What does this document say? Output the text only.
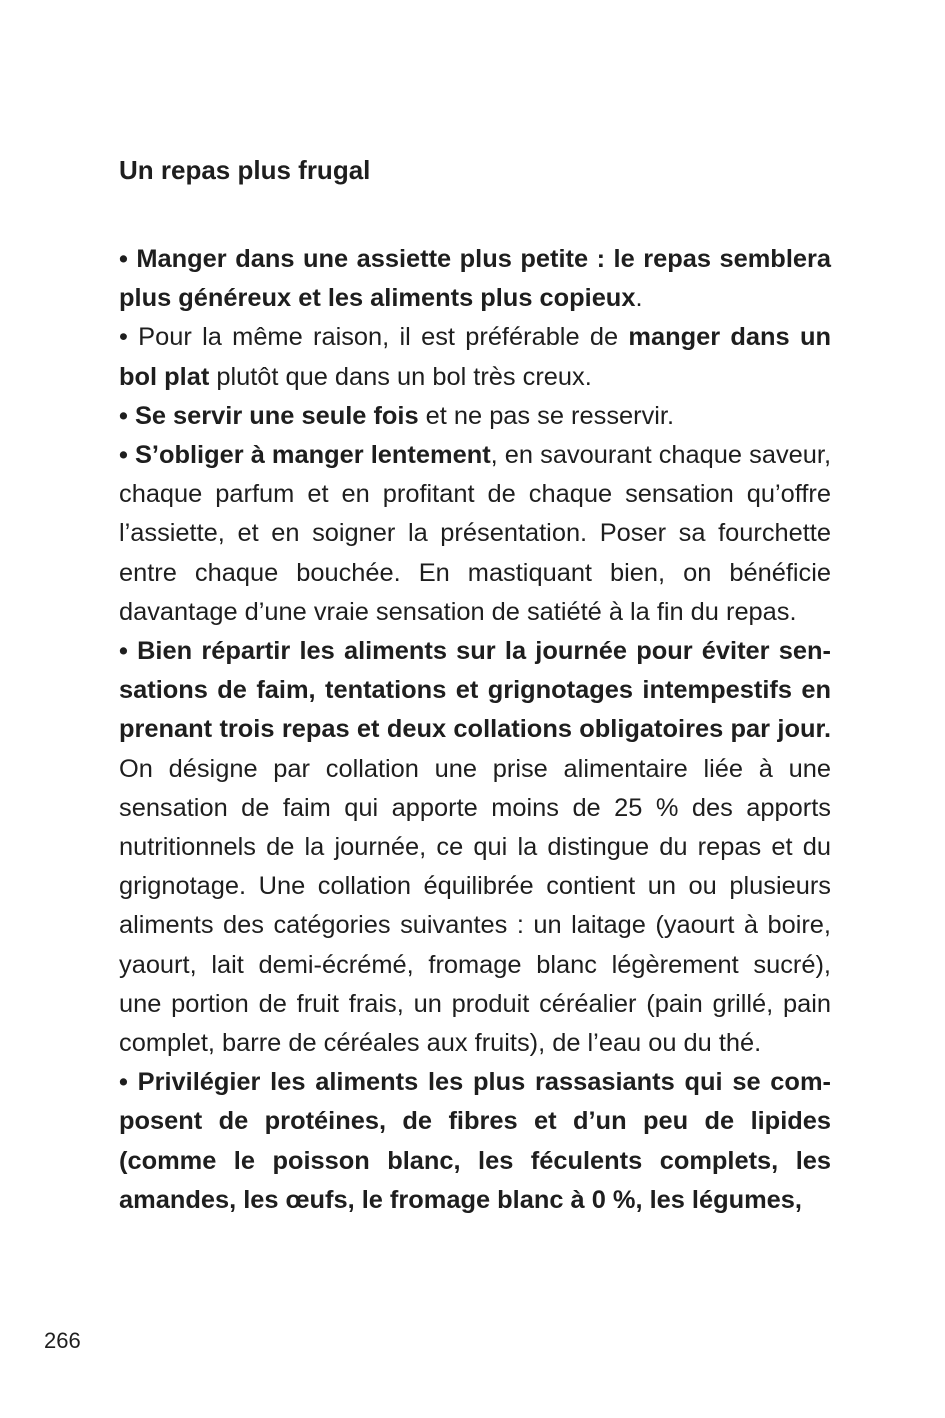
Un repas plus frugal

• Manger dans une assiette plus petite : le repas semblera plus généreux et les aliments plus copieux.

• Pour la même raison, il est préférable de manger dans un bol plat plutôt que dans un bol très creux.

• Se servir une seule fois et ne pas se resservir.

• S’obliger à manger lentement, en savourant chaque saveur, chaque parfum et en profitant de chaque sensation qu’offre l’assiette, et en soigner la présentation. Poser sa fourchette entre chaque bouchée. En mastiquant bien, on bénéficie davantage d’une vraie sensation de satiété à la fin du repas.

• Bien répartir les aliments sur la journée pour éviter sensations de faim, tentations et grignotages intempestifs en prenant trois repas et deux collations obligatoires par jour. On désigne par collation une prise alimentaire liée à une sensation de faim qui apporte moins de 25 % des apports nutritionnels de la journée, ce qui la distingue du repas et du grignotage. Une collation équilibrée contient un ou plusieurs aliments des catégories suivantes : un laitage (yaourt à boire, yaourt, lait demi-écrémé, fromage blanc légèrement sucré), une portion de fruit frais, un produit céréalier (pain grillé, pain complet, barre de céréales aux fruits), de l’eau ou du thé.

• Privilégier les aliments les plus rassasiants qui se composent de protéines, de fibres et d’un peu de lipides (comme le poisson blanc, les féculents complets, les amandes, les œufs, le fromage blanc à 0 %, les légumes,

266
